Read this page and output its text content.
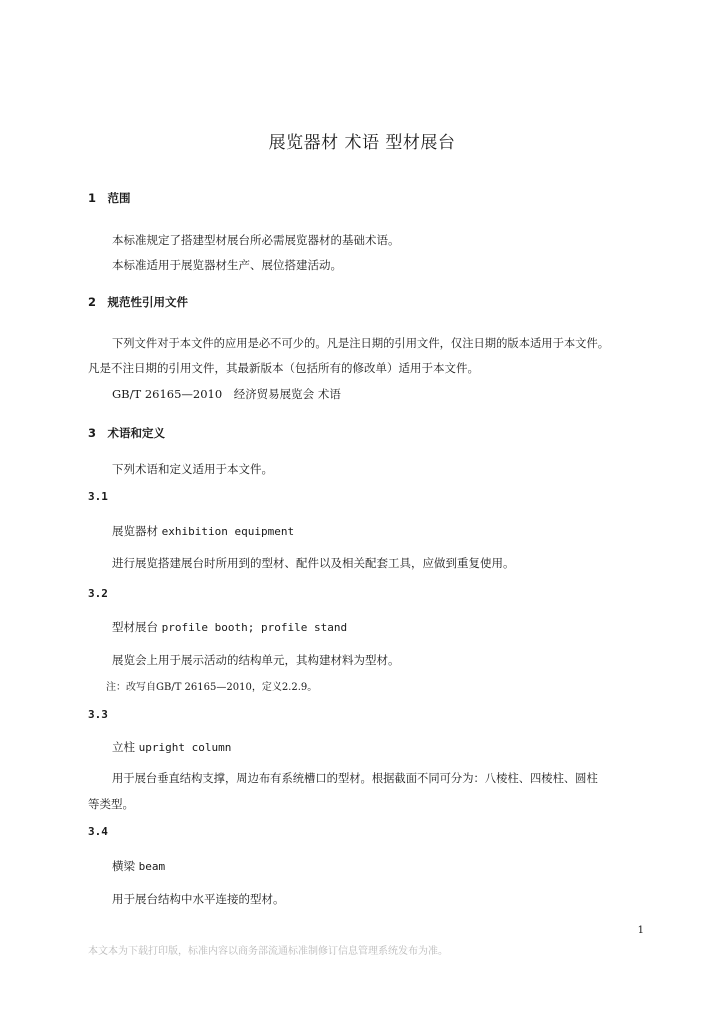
展览器材 术语 型材展台
1　范围
本标准规定了搭建型材展台所必需展览器材的基础术语。
本标准适用于展览器材生产、展位搭建活动。
2　规范性引用文件
下列文件对于本文件的应用是必不可少的。凡是注日期的引用文件，仅注日期的版本适用于本文件。
凡是不注日期的引用文件，其最新版本（包括所有的修改单）适用于本文件。
GB/T 26165—2010　经济贸易展览会 术语
3　术语和定义
下列术语和定义适用于本文件。
3.1
展览器材 exhibition equipment
进行展览搭建展台时所用到的型材、配件以及相关配套工具，应做到重复使用。
3.2
型材展台 profile booth; profile stand
展览会上用于展示活动的结构单元，其构建材料为型材。
注：改写自GB/T 26165—2010，定义2.2.9。
3.3
立柱 upright column
用于展台垂直结构支撑，周边布有系统槽口的型材。根据截面不同可分为：八棱柱、四棱柱、圆柱
等类型。
3.4
横梁 beam
用于展台结构中水平连接的型材。
1
本文本为下载打印版，标准内容以商务部流通标准制修订信息管理系统发布为准。
